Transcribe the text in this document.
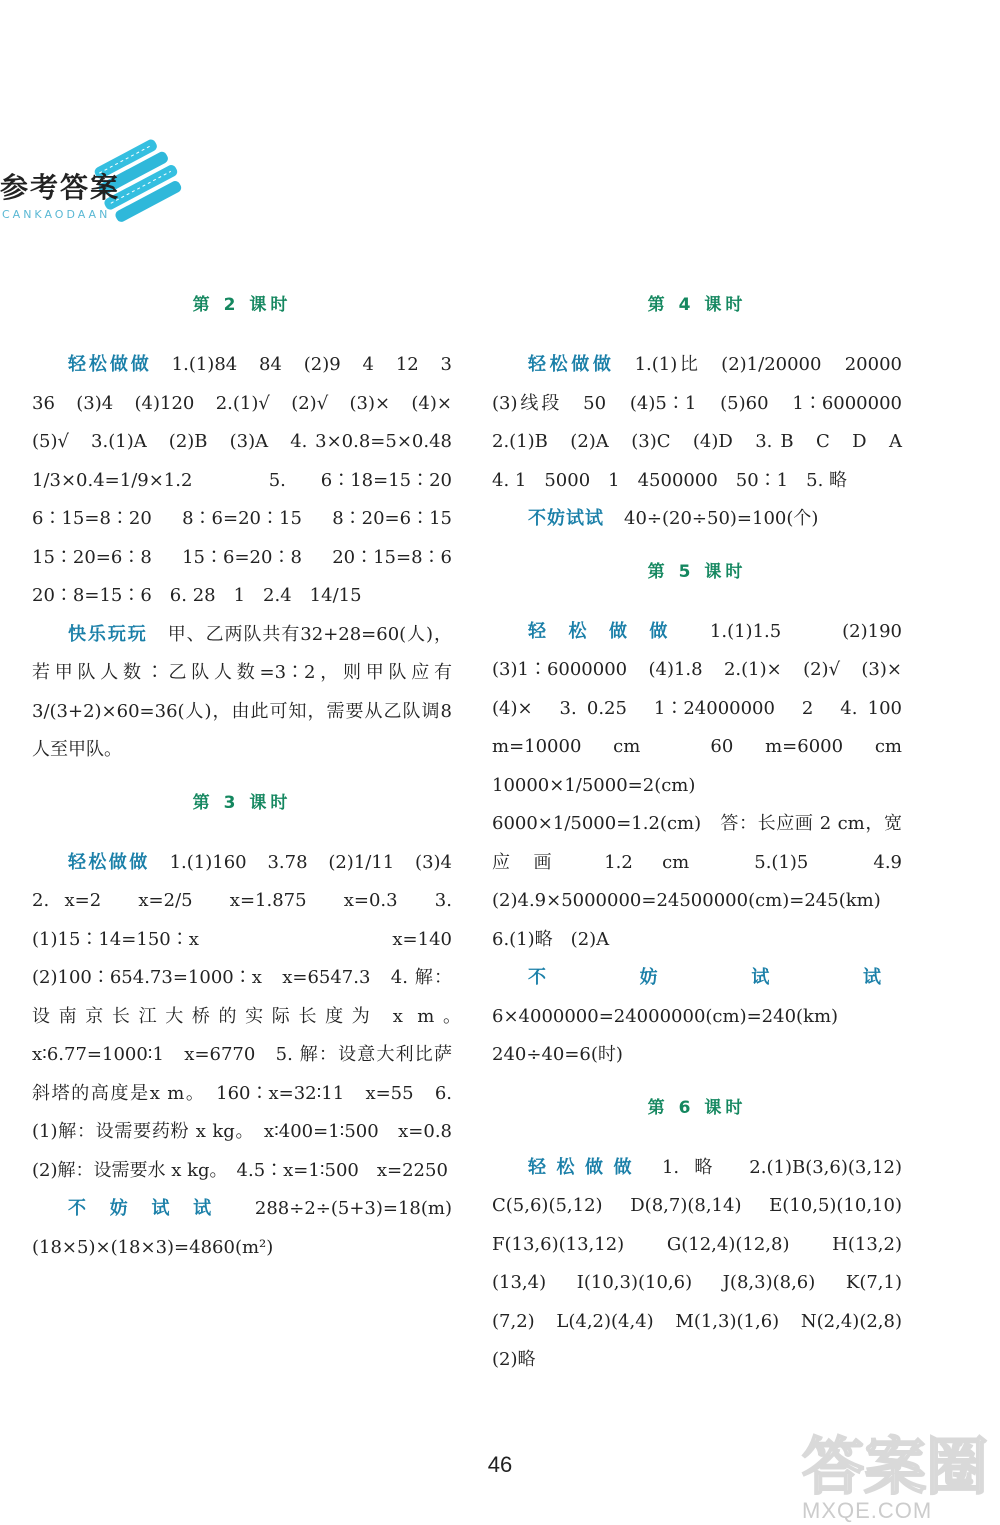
参考答案
CANKAODAAN
第 2 课时

轻松做做 1.(1)84　84　(2)9　4　12　3　36　(3)4　(4)120　2.(1)√　(2)√　(3)×　(4)×　(5)√　3.(1)A　(2)B　(3)A　4. 3×0.8=5×0.48　1/3×0.4=1/9×1.2　5. 6∶18=15∶20　6∶15=8∶20　8∶6=20∶15　8∶20=6∶15　15∶20=6∶8　15∶6=20∶8　20∶15=8∶6　20∶8=15∶6　6. 28　1　2.4　14/15

快乐玩玩 甲、乙两队共有32+28=60(人)，若甲队人数∶乙队人数=3∶2，则甲队应有3/(3+2)×60=36(人)，由此可知，需要从乙队调8人至甲队。

第 3 课时

轻松做做 1.(1)160　3.78　(2)1/11　(3)4　2. x=2　x=2/5　x=1.875　x=0.3　3.(1)15∶14=150∶x　x=140　(2)100∶654.73=1000∶x　x=6547.3　4. 解：设南京长江大桥的实际长度为 x m。　x∶6.77=1000∶1　x=6770　5. 解：设意大利比萨斜塔的高度是x m。　160∶x=32∶11　x=55　6.(1)解：设需要药粉 x kg。　x∶400=1∶500　x=0.8　(2)解：设需要水 x kg。　4.5∶x=1∶500　x=2250

不妨试试 288÷2÷(5+3)=18(m)　(18×5)×(18×3)=4860(m²)

第 4 课时

轻松做做 1.(1)比　(2)1/20000　20000　(3)线段　50　(4)5∶1　(5)60　1∶6000000　2.(1)B　(2)A　(3)C　(4)D　3. B　C　D　A　4. 1　5000　1　4500000　50∶1　5. 略

不妨试试 40÷(20÷50)=100(个)

第 5 课时

轻松做做 1.(1)1.5　(2)190　(3)1∶6000000　(4)1.8　2.(1)×　(2)√　(3)×　(4)×　3. 0.25　1∶24000000　2　4. 100 m=10000 cm　60 m=6000 cm　10000×1/5000=2(cm)　6000×1/5000=1.2(cm)　答：长应画 2 cm，宽应画 1.2 cm　5.(1)5　4.9　(2)4.9×5000000=24500000(cm)=245(km)　6.(1)略　(2)A

不妨试试6×4000000=24000000(cm)=240(km)　240÷40=6(时)

第 6 课时

轻松做做 1. 略　2.(1)B(3,6)(3,12)　C(5,6)(5,12)　D(8,7)(8,14)　E(10,5)(10,10)　F(13,6)(13,12)　G(12,4)(12,8)　H(13,2)(13,4)　I(10,3)(10,6)　J(8,3)(8,6)　K(7,1)(7,2)　L(4,2)(4,4)　M(1,3)(1,6)　N(2,4)(2,8)　(2)略

46	答案圈
MXQE.COM
